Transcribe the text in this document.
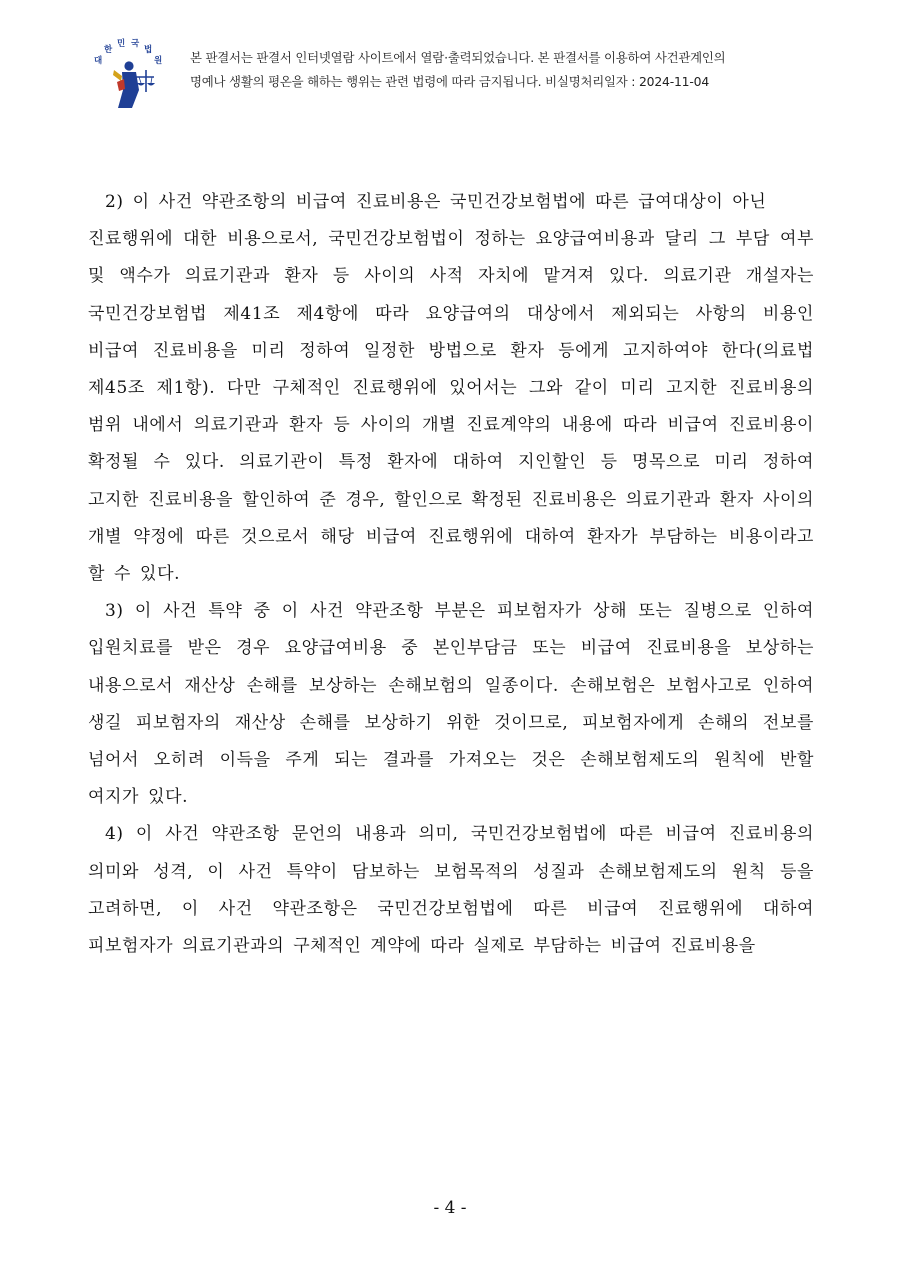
대
한
민 국
법
원 본 판결서는 판결서 인터넷열람 사이트에서 열람·출력되었습니다. 본 판결서를 이용하여 사건관계인의
명예나 생활의 평온을 해하는 행위는 관련 법령에 따라 금지됩니다. 비실명처리일자 : 2024-11-04

2) 이 사건 약관조항의 비급여 진료비용은 국민건강보험법에 따른 급여대상이 아닌

진료행위에 대한 비용으로서, 국민건강보험법이 정하는 요양급여비용과 달리 그 부담 여부 및 액수가 의료기관과 환자 등 사이의 사적 자치에 맡겨져 있다. 의료기관 개설자는 국민건강보험법 제41조 제4항에 따라 요양급여의 대상에서 제외되는 사항의 비용인 비급여 진료비용을 미리 정하여 일정한 방법으로 환자 등에게 고지하여야 한다(의료법 제45조 제1항). 다만 구체적인 진료행위에 있어서는 그와 같이 미리 고지한 진료비용의 범위 내에서 의료기관과 환자 등 사이의 개별 진료계약의 내용에 따라 비급여 진료비용이 확정될 수 있다. 의료기관이 특정 환자에 대하여 지인할인 등 명목으로 미리 정하여 고지한 진료비용을 할인하여 준 경우, 할인으로 확정된 진료비용은 의료기관과 환자 사이의 개별 약정에 따른 것으로서 해당 비급여 진료행위에 대하여 환자가 부담하는 비용이라고 할 수 있다.

3) 이 사건 특약 중 이 사건 약관조항 부분은 피보험자가 상해 또는 질병으로 인하여 입원치료를 받은 경우 요양급여비용 중 본인부담금 또는 비급여 진료비용을 보상하는 내용으로서 재산상 손해를 보상하는 손해보험의 일종이다. 손해보험은 보험사고로 인하여 생길 피보험자의 재산상 손해를 보상하기 위한 것이므로, 피보험자에게 손해의 전보를 넘어서 오히려 이득을 주게 되는 결과를 가져오는 것은 손해보험제도의 원칙에 반할 여지가 있다.

4) 이 사건 약관조항 문언의 내용과 의미, 국민건강보험법에 따른 비급여 진료비용의 의미와 성격, 이 사건 특약이 담보하는 보험목적의 성질과 손해보험제도의 원칙 등을 고려하면, 이 사건 약관조항은 국민건강보험법에 따른 비급여 진료행위에 대하여 피보험자가 의료기관과의 구체적인 계약에 따라 실제로 부담하는 비급여 진료비용을

- 4 -
